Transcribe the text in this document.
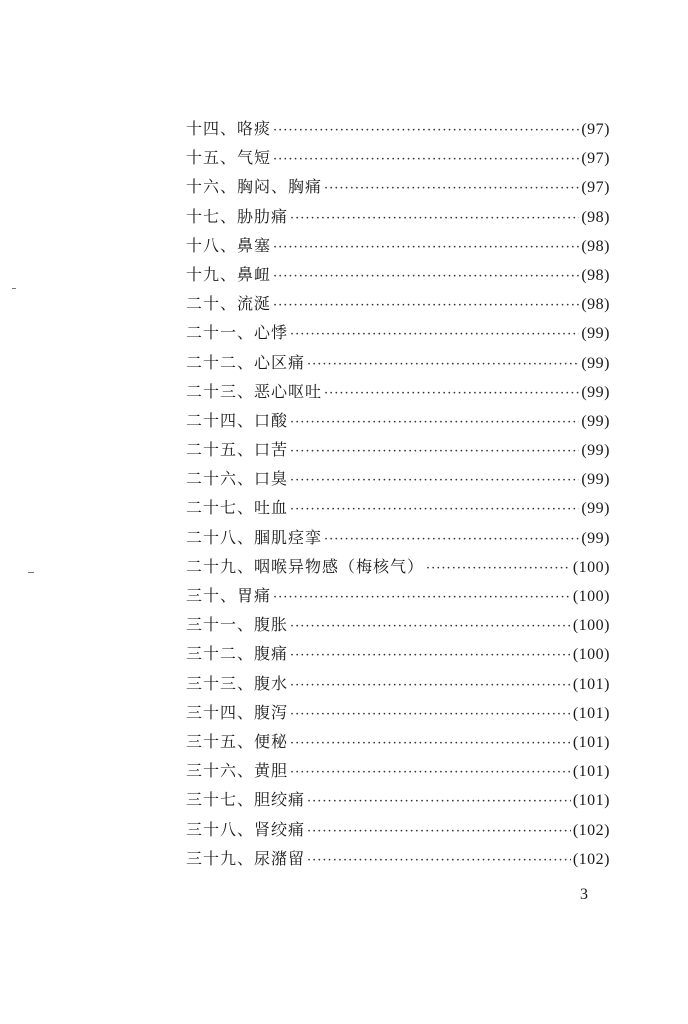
十四、 咯痰 ·····	(97)
十五、 气短 ·····	(97)
十六、 胸闷、胸痛 ·····	(97)
十七、 胁肋痛 ·····	(98)
十八、 鼻塞 ·····	(98)
十九、 鼻衄 ·····	(98)
二十、 流涎 ·····	(98)
二十一、 心悸 ·····	(99)
二十二、 心区痛 ·····	(99)
二十三、 恶心呕吐 ·····	(99)
二十四、 口酸 ·····	(99)
二十五、 口苦 ·····	(99)
二十六、 口臭 ·····	(99)
二十七、 吐血 ·····	(99)
二十八、 腘肌痉挛 ·····	(99)
二十九、 咽喉异物感（梅核气） ·····	(100)
三十、 胃痛 ·····	(100)
三十一、 腹胀 ·····	(100)
三十二、 腹痛 ·····	(100)
三十三、 腹水 ·····	(101)
三十四、 腹泻 ·····	(101)
三十五、 便秘 ·····	(101)
三十六、 黄胆 ·····	(101)
三十七、 胆绞痛 ·····	(101)
三十八、 肾绞痛 ·····	(102)
三十九、 尿潴留 ·····	(102)
3
